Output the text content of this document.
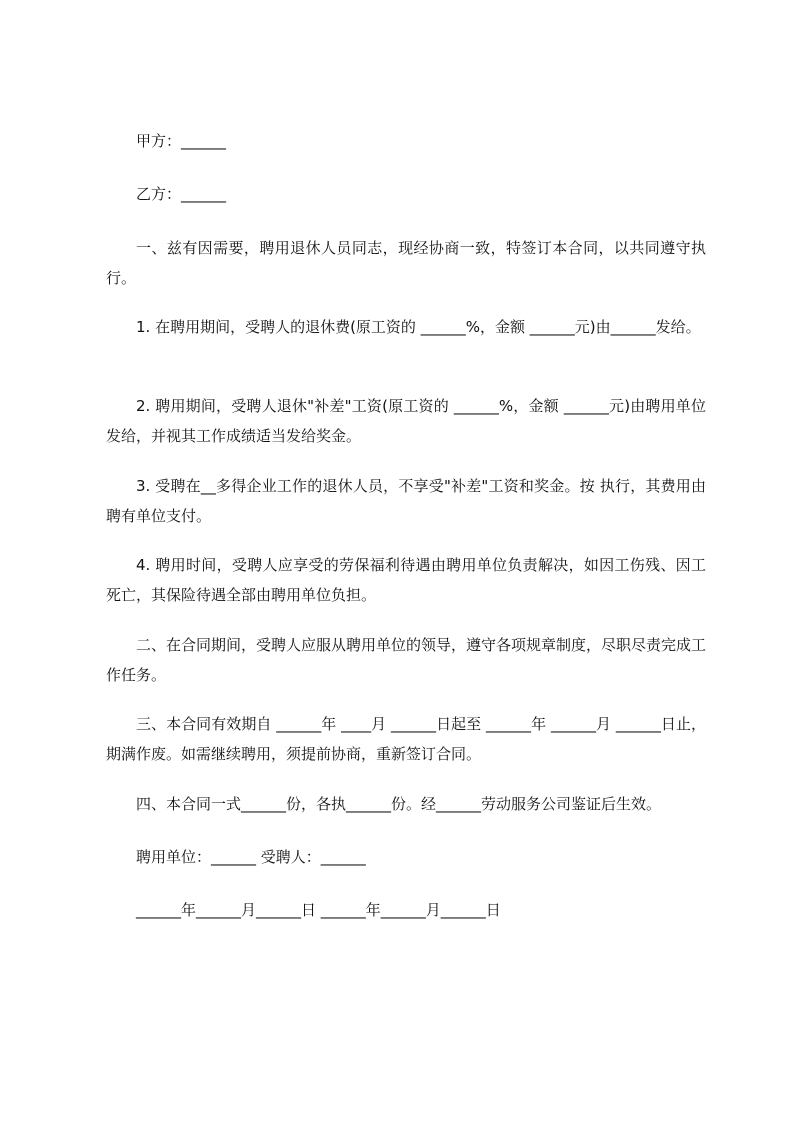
甲方：______
乙方：______
一、兹有因需要，聘用退休人员同志，现经协商一致，特签订本合同，以共同遵守执行。
1. 在聘用期间，受聘人的退休费(原工资的 ______%，金额 ______元)由______发给。
2. 聘用期间，受聘人退休"补差"工资(原工资的 ______%，金额 ______元)由聘用单位发给，并视其工作成绩适当发给奖金。
3. 受聘在__多得企业工作的退休人员，不享受"补差"工资和奖金。按 执行，其费用由聘有单位支付。
4. 聘用时间，受聘人应享受的劳保福利待遇由聘用单位负责解决，如因工伤残、因工死亡，其保险待遇全部由聘用单位负担。
二、在合同期间，受聘人应服从聘用单位的领导，遵守各项规章制度，尽职尽责完成工作任务。
三、本合同有效期自 ______年 ____月 ______日起至 ______年 ______月 ______日止，期满作废。如需继续聘用，须提前协商，重新签订合同。
四、本合同一式______份，各执______份。经______劳动服务公司鉴证后生效。
聘用单位：______ 受聘人：______
______年______月______日 ______年______月______日
